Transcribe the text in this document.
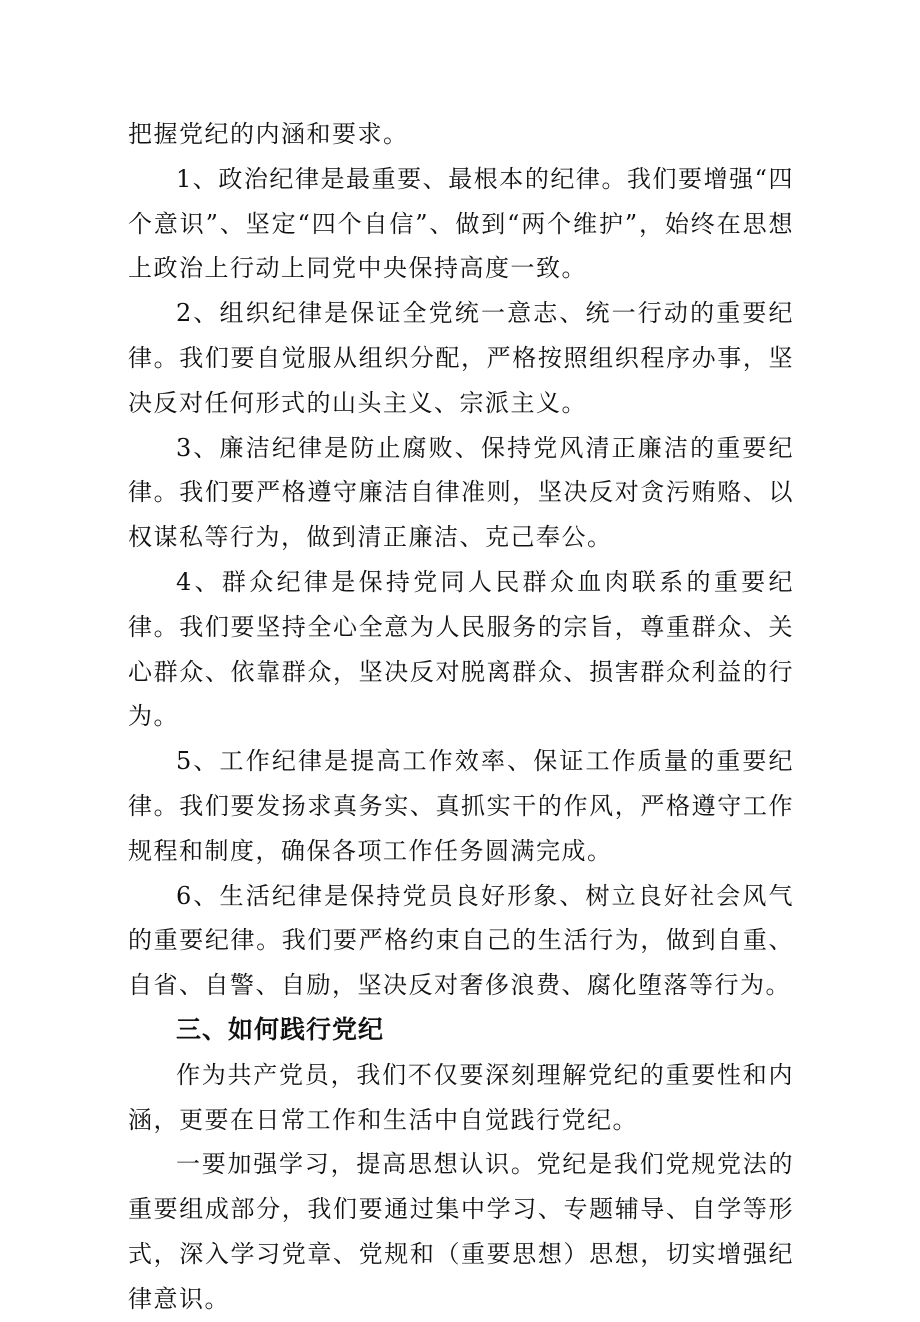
把握党纪的内涵和要求。

1、政治纪律是最重要、最根本的纪律。我们要增强“四个意识”、坚定“四个自信”、做到“两个维护”，始终在思想上政治上行动上同党中央保持高度一致。

2、组织纪律是保证全党统一意志、统一行动的重要纪律。我们要自觉服从组织分配，严格按照组织程序办事，坚决反对任何形式的山头主义、宗派主义。

3、廉洁纪律是防止腐败、保持党风清正廉洁的重要纪律。我们要严格遵守廉洁自律准则，坚决反对贪污贿赂、以权谋私等行为，做到清正廉洁、克己奉公。

4、群众纪律是保持党同人民群众血肉联系的重要纪律。我们要坚持全心全意为人民服务的宗旨，尊重群众、关心群众、依靠群众，坚决反对脱离群众、损害群众利益的行为。

5、工作纪律是提高工作效率、保证工作质量的重要纪律。我们要发扬求真务实、真抓实干的作风，严格遵守工作规程和制度，确保各项工作任务圆满完成。

6、生活纪律是保持党员良好形象、树立良好社会风气的重要纪律。我们要严格约束自己的生活行为，做到自重、自省、自警、自励，坚决反对奢侈浪费、腐化堕落等行为。

三、如何践行党纪

作为共产党员，我们不仅要深刻理解党纪的重要性和内涵，更要在日常工作和生活中自觉践行党纪。

一要加强学习，提高思想认识。党纪是我们党规党法的重要组成部分，我们要通过集中学习、专题辅导、自学等形式，深入学习党章、党规和（重要思想）思想，切实增强纪律意识。
